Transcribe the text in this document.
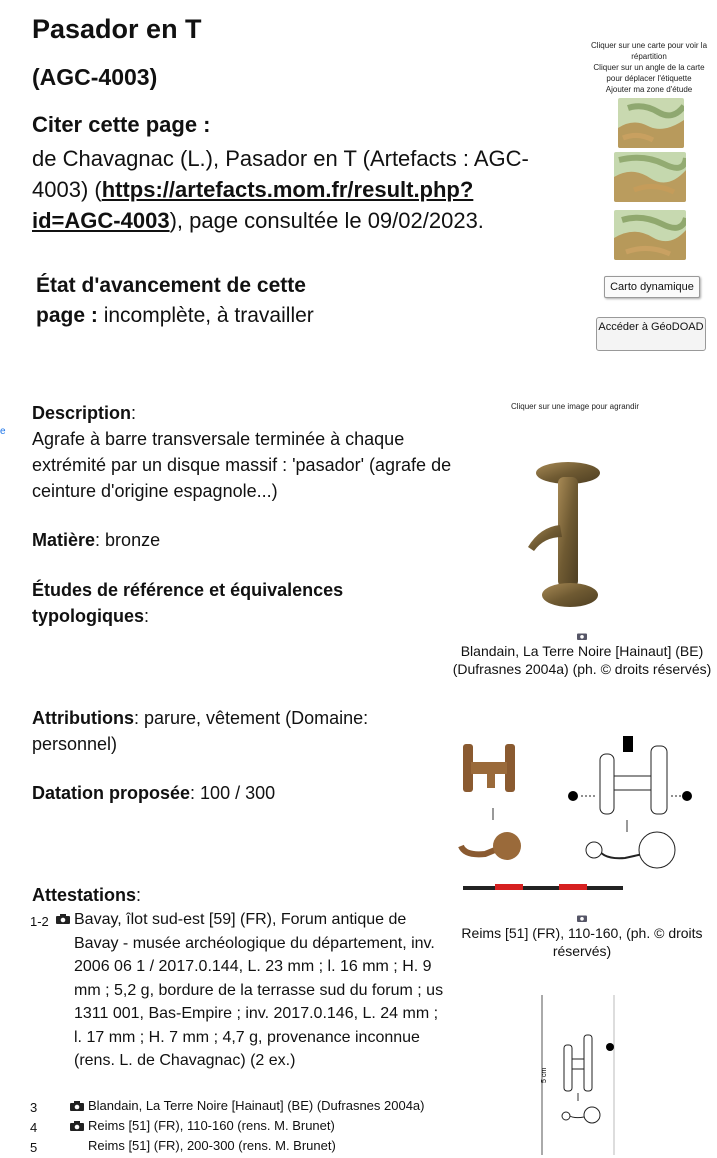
Pasador en T
(AGC-4003)
Citer cette page :
de Chavagnac (L.), Pasador en T (Artefacts : AGC-4003) (https://artefacts.mom.fr/result.php?id=AGC-4003), page consultée le 09/02/2023.
État d'avancement de cette page : incomplète, à travailler
Cliquer sur une carte pour voir la répartition
Cliquer sur un angle de la carte pour déplacer l'étiquette
Ajouter ma zone d'étude
Carto dynamique
Accéder à GéoDOAD
e
Description:
Agrafe à barre transversale terminée à chaque extrémité par un disque massif : 'pasador' (agrafe de ceinture d'origine espagnole...)
Matière: bronze
Études de référence et équivalences typologiques:
Attributions: parure, vêtement (Domaine: personnel)
Datation proposée: 100 / 300
Attestations:
1-2	Bavay, îlot sud-est [59] (FR), Forum antique de Bavay - musée archéologique du département, inv. 2006 06 1 / 2017.0.144, L. 23 mm ; l. 16 mm ; H. 9 mm ; 5,2 g, bordure de la terrasse sud du forum ; us 1311 001, Bas-Empire ; inv. 2017.0.146, L. 24 mm ; l. 17 mm ; H. 7 mm ; 4,7 g, provenance inconnue (rens. L. de Chavagnac) (2 ex.)
3	Blandain, La Terre Noire [Hainaut] (BE) (Dufrasnes 2004a)
4	Reims [51] (FR), 110-160 (rens. M. Brunet)
5	Reims [51] (FR), 200-300 (rens. M. Brunet)
Cliquer sur une image pour agrandir
Blandain, La Terre Noire [Hainaut] (BE) (Dufrasnes 2004a) (ph. © droits réservés)
Reims [51] (FR), 110-160, (ph. © droits réservés)
5 cm
